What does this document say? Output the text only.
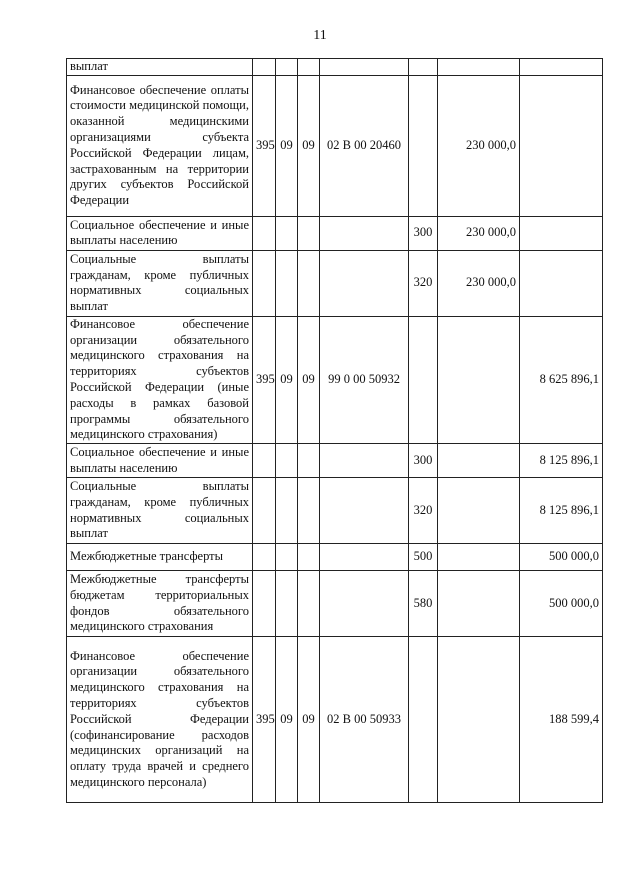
11
выплат							
Финансовое обеспечение оплаты стоимости медицинской помощи, оказанной медицинскими организациями субъекта Российской Федерации лицам, застрахованным на территории других субъектов Российской Федерации	395	09	09	02 В 00 20460		230 000,0	
Социальное обеспечение и иные выплаты населению					300	230 000,0	
Социальные выплаты гражданам, кроме публичных нормативных социальных выплат					320	230 000,0	
Финансовое обеспечение организации обязательного медицинского страхования на территориях субъектов Российской Федерации (иные расходы в рамках базовой программы обязательного медицинского страхования)	395	09	09	99 0 00 50932			8 625 896,1
Социальное обеспечение и иные выплаты населению					300		8 125 896,1
Социальные выплаты гражданам, кроме публичных нормативных социальных выплат					320		8 125 896,1
Межбюджетные трансферты					500		500 000,0
Межбюджетные трансферты бюджетам территориальных фондов обязательного медицинского страхования					580		500 000,0
Финансовое обеспечение организации обязательного медицинского страхования на территориях субъектов Российской Федерации (софинансирование расходов медицинских организаций на оплату труда врачей и среднего медицинского персонала)	395	09	09	02 В 00 50933			188 599,4
